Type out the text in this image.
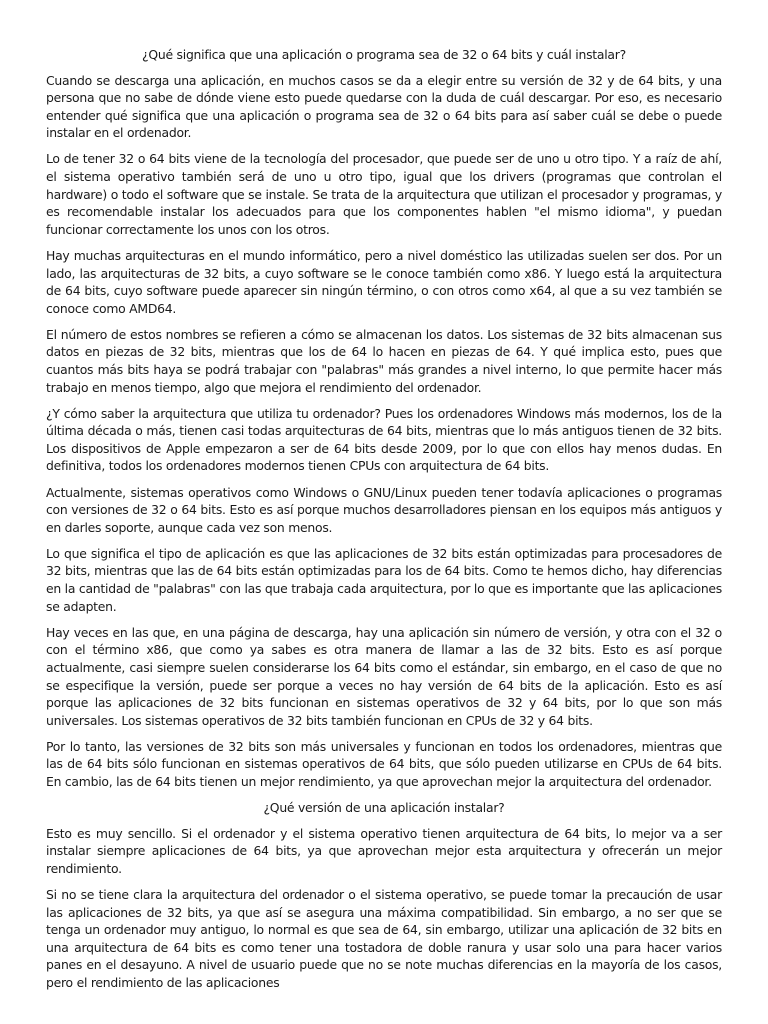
¿Qué significa que una aplicación o programa sea de 32 o 64 bits y cuál instalar?

Cuando se descarga una aplicación, en muchos casos se da a elegir entre su versión de 32 y de 64 bits, y una persona que no sabe de dónde viene esto puede quedarse con la duda de cuál descargar. Por eso, es necesario entender qué significa que una aplicación o programa sea de 32 o 64 bits para así saber cuál se debe o puede instalar en el ordenador.

Lo de tener 32 o 64 bits viene de la tecnología del procesador, que puede ser de uno u otro tipo. Y a raíz de ahí, el sistema operativo también será de uno u otro tipo, igual que los drivers (programas que controlan el hardware) o todo el software que se instale. Se trata de la arquitectura que utilizan el procesador y programas, y es recomendable instalar los adecuados para que los componentes hablen "el mismo idioma", y puedan funcionar correctamente los unos con los otros.

Hay muchas arquitecturas en el mundo informático, pero a nivel doméstico las utilizadas suelen ser dos. Por un lado, las arquitecturas de 32 bits, a cuyo software se le conoce también como x86. Y luego está la arquitectura de 64 bits, cuyo software puede aparecer sin ningún término, o con otros como x64, al que a su vez también se conoce como AMD64.

El número de estos nombres se refieren a cómo se almacenan los datos. Los sistemas de 32 bits almacenan sus datos en piezas de 32 bits, mientras que los de 64 lo hacen en piezas de 64. Y qué implica esto, pues que cuantos más bits haya se podrá trabajar con "palabras" más grandes a nivel interno, lo que permite hacer más trabajo en menos tiempo, algo que mejora el rendimiento del ordenador.

¿Y cómo saber la arquitectura que utiliza tu ordenador? Pues los ordenadores Windows más modernos, los de la última década o más, tienen casi todas arquitecturas de 64 bits, mientras que lo más antiguos tienen de 32 bits. Los dispositivos de Apple empezaron a ser de 64 bits desde 2009, por lo que con ellos hay menos dudas. En definitiva, todos los ordenadores modernos tienen CPUs con arquitectura de 64 bits.

Actualmente, sistemas operativos como Windows o GNU/Linux pueden tener todavía aplicaciones o programas con versiones de 32 o 64 bits. Esto es así porque muchos desarrolladores piensan en los equipos más antiguos y en darles soporte, aunque cada vez son menos.

Lo que significa el tipo de aplicación es que las aplicaciones de 32 bits están optimizadas para procesadores de 32 bits, mientras que las de 64 bits están optimizadas para los de 64 bits. Como te hemos dicho, hay diferencias en la cantidad de "palabras" con las que trabaja cada arquitectura, por lo que es importante que las aplicaciones se adapten.

Hay veces en las que, en una página de descarga, hay una aplicación sin número de versión, y otra con el 32 o con el término x86, que como ya sabes es otra manera de llamar a las de 32 bits. Esto es así porque actualmente, casi siempre suelen considerarse los 64 bits como el estándar, sin embargo, en el caso de que no se especifique la versión, puede ser porque a veces no hay versión de 64 bits de la aplicación. Esto es así porque las aplicaciones de 32 bits funcionan en sistemas operativos de 32 y 64 bits, por lo que son más universales. Los sistemas operativos de 32 bits también funcionan en CPUs de 32 y 64 bits.

Por lo tanto, las versiones de 32 bits son más universales y funcionan en todos los ordenadores, mientras que las de 64 bits sólo funcionan en sistemas operativos de 64 bits, que sólo pueden utilizarse en CPUs de 64 bits. En cambio, las de 64 bits tienen un mejor rendimiento, ya que aprovechan mejor la arquitectura del ordenador.

¿Qué versión de una aplicación instalar?

Esto es muy sencillo. Si el ordenador y el sistema operativo tienen arquitectura de 64 bits, lo mejor va a ser instalar siempre aplicaciones de 64 bits, ya que aprovechan mejor esta arquitectura y ofrecerán un mejor rendimiento.

Si no se tiene clara la arquitectura del ordenador o el sistema operativo, se puede tomar la precaución de usar las aplicaciones de 32 bits, ya que así se asegura una máxima compatibilidad. Sin embargo, a no ser que se tenga un ordenador muy antiguo, lo normal es que sea de 64, sin embargo, utilizar una aplicación de 32 bits en una arquitectura de 64 bits es como tener una tostadora de doble ranura y usar solo una para hacer varios panes en el desayuno. A nivel de usuario puede que no se note muchas diferencias en la mayoría de los casos, pero el rendimiento de las aplicaciones
